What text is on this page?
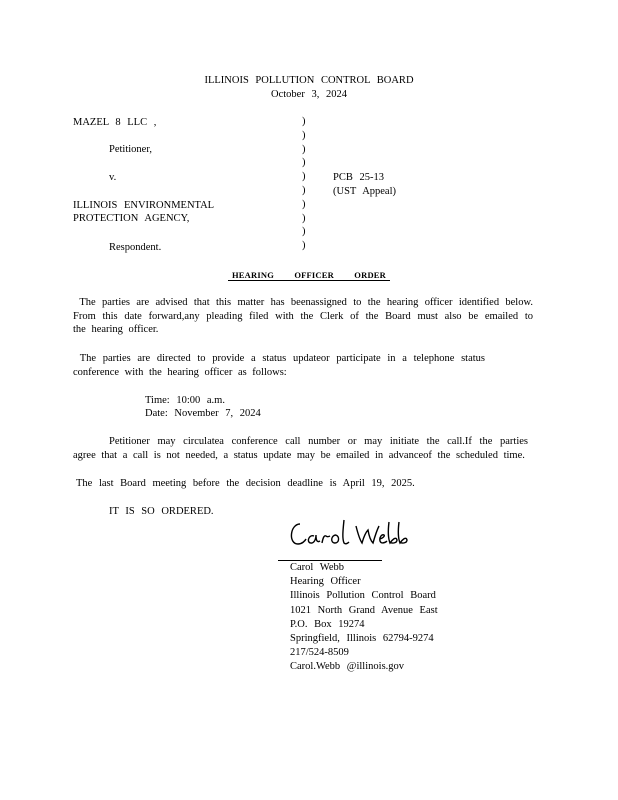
ILLINOIS POLLUTION CONTROL BOARD
October 3, 2024
MAZEL 8 LLC ,
Petitioner,
v.
ILLINOIS ENVIRONMENTAL
PROTECTION AGENCY,
Respondent.
)
)
)
)
)
)
)
)
)
)
PCB 25-13
(UST Appeal)
HEARING OFFICER ORDER
The parties are advised that this matter has beenassigned to the hearing officer identified below. From this date forward,any pleading filed with the Clerk of the Board must also be emailed to the hearing officer.
The parties are directed to provide a status updateor participate in a telephone status conference with the hearing officer as follows:
Time: 10:00 a.m.
Date: November 7, 2024
Petitioner may circulatea conference call number or may initiate the call.If the parties agree that a call is not needed, a status update may be emailed in advanceof the scheduled time.
The last Board meeting before the decision deadline is April 19, 2025.
IT IS SO ORDERED.
Carol Webb
Hearing Officer
Illinois Pollution Control Board
1021 North Grand Avenue East
P.O. Box 19274
Springfield, Illinois 62794-9274
217/524-8509
Carol.Webb @illinois.gov
